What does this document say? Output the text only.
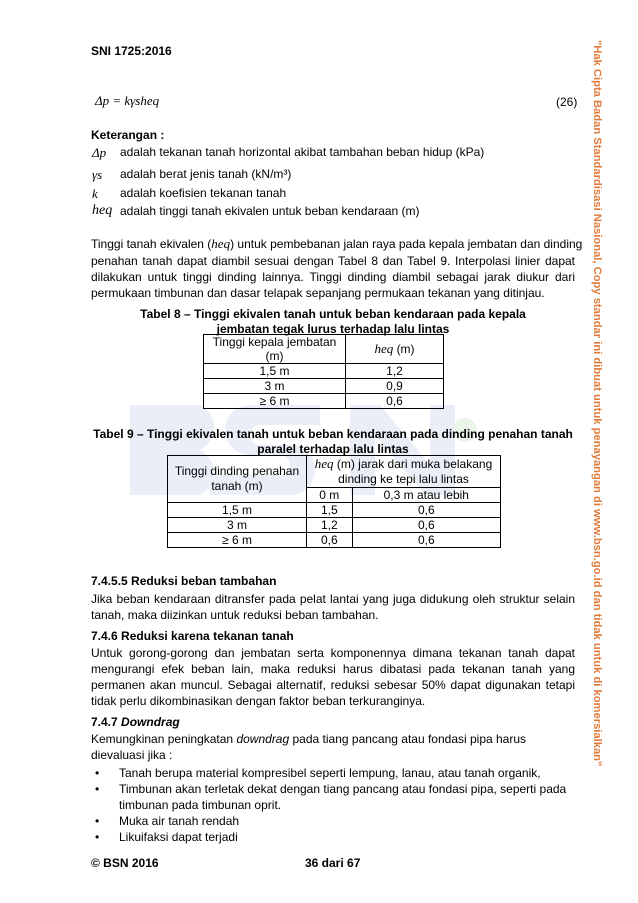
"Hak Cipta Badan Standardisasi Nasional, Copy standar ini dibuat untuk penayangan di www.bsn.go.id dan tidak untuk di komersialkan"
SNI 1725:2016
Δp = kγsheq	(26)
Keterangan :
Δp adalah tekanan tanah horizontal akibat tambahan beban hidup (kPa)
γs adalah berat jenis tanah (kN/m³)
k adalah koefisien tekanan tanah
heq adalah tinggi tanah ekivalen untuk beban kendaraan (m)
Tinggi tanah ekivalen (heq) untuk pembebanan jalan raya pada kepala jembatan dan dinding
penahan tanah dapat diambil sesuai dengan Tabel 8 dan Tabel 9. Interpolasi linier dapat dilakukan untuk tinggi dinding lainnya. Tinggi dinding diambil sebagai jarak diukur dari permukaan timbunan dan dasar telapak sepanjang permukaan tekanan yang ditinjau.
Tabel 8 – Tinggi ekivalen tanah untuk beban kendaraan pada kepala
jembatan tegak lurus terhadap lalu lintas
Tinggi kepala jembatan (m)	heq (m)
1,5 m	1,2
3 m	0,9
≥ 6 m	0,6
Tabel 9 – Tinggi ekivalen tanah untuk beban kendaraan pada dinding penahan tanah
paralel terhadap lalu lintas
Tinggi dinding penahan tanah (m)	heq (m) jarak dari muka belakang
dinding ke tepi lalu lintas	

	0 m	0,3 m atau lebih
1,5 m	1,5	0,6
3 m	1,2	0,6
≥ 6 m	0,6	0,6
7.4.5.5 Reduksi beban tambahan
Jika beban kendaraan ditransfer pada pelat lantai yang juga didukung oleh struktur selain tanah, maka diizinkan untuk reduksi beban tambahan.
7.4.6 Reduksi karena tekanan tanah
Untuk gorong-gorong dan jembatan serta komponennya dimana tekanan tanah dapat mengurangi efek beban lain, maka reduksi harus dibatasi pada tekanan tanah yang permanen akan muncul. Sebagai alternatif, reduksi sebesar 50% dapat digunakan tetapi tidak perlu dikombinasikan dengan faktor beban terkuranginya.
7.4.7 Downdrag
Kemungkinan peningkatan downdrag pada tiang pancang atau fondasi pipa harus dievaluasi jika :
• Tanah berupa material kompresibel seperti lempung, lanau, atau tanah organik,
• Timbunan akan terletak dekat dengan tiang pancang atau fondasi pipa, seperti pada timbunan pada timbunan oprit.
• Muka air tanah rendah
• Likuifaksi dapat terjadi
© BSN 2016	36 dari 67
